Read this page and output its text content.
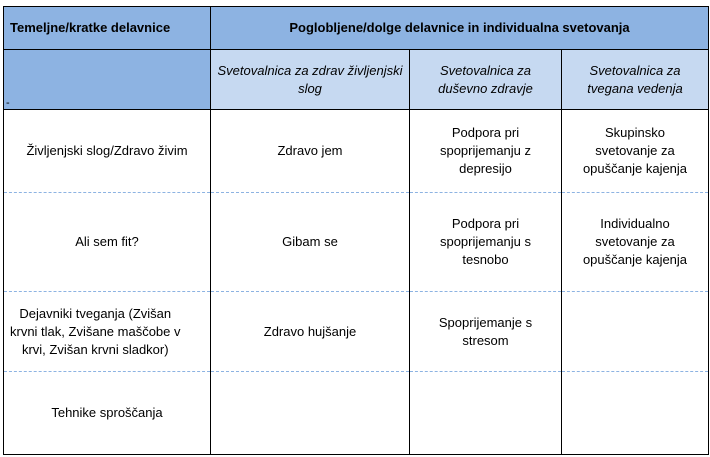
Temeljne/kratke delavnice	Poglobljene/dolge delavnice in individualna svetovanja		

-	Svetovalnica za zdrav življenjski slog	Svetovalnica za duševno zdravje	Svetovalnica za tvegana vedenja
Življenjski slog/Zdravo živim	Zdravo jem	Podpora pri
spoprijemanju z
depresijo	Skupinsko
svetovanje za
opuščanje kajenja
Ali sem fit?	Gibam se	Podpora pri
spoprijemanju s
tesnobo	Individualno
svetovanje za
opuščanje kajenja
Dejavniki tveganja (Zvišan
krvni tlak, Zvišane maščobe v
krvi, Zvišan krvni sladkor)	Zdravo hujšanje	Spoprijemanje s
stresom	
Tehnike sproščanja			
